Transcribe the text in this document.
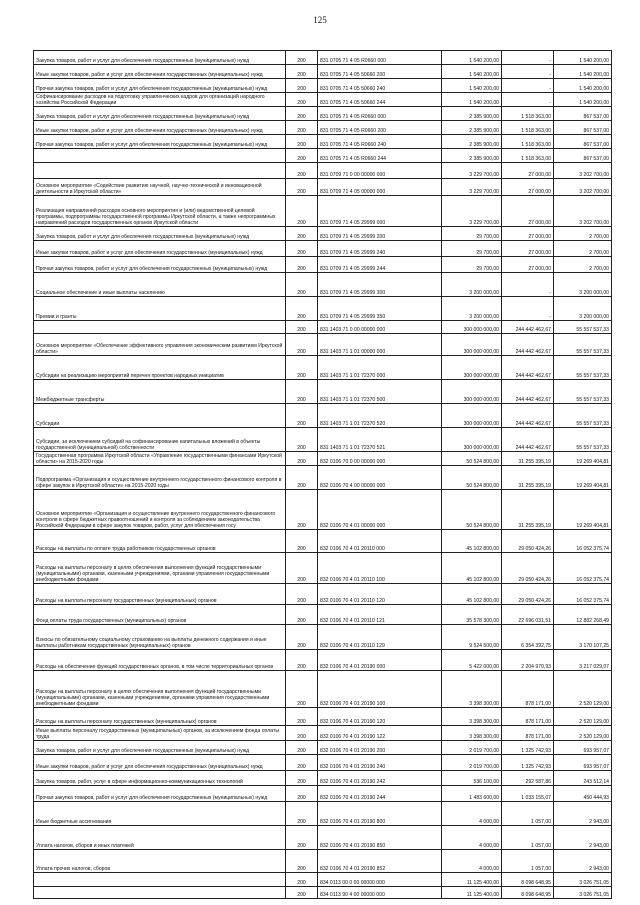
125
Закупка товаров, работ и услуг для обеспечения государственных (муниципальных) нужд	200	831 0705 71 4 05 R0660 000	1 540 200,00	-	1 540 200,00
Иные закупки товаров, работ и услуг для обеспечения государственных (муниципальных) нужд	200	831 0705 71 4 05 50660 200	1 540 200,00	-	1 540 200,00
Прочая закупка товаров, работ и услуг для обеспечения государственных (муниципальных) нужд	200	831 0705 71 4 05 50660 240	1 540 200,00	-	1 540 200,00
Софинансирование расходов на подготовку управленческих кадров для организаций народного хозяйства Российской Федерации	200	831 0705 71 4 05 50660 244	1 540 200,00	-	1 540 200,00
Закупка товаров, работ и услуг для обеспечения государственных (муниципальных) нужд	200	831 0705 71 4 05 R0660 000	2 385 900,00	1 518 363,00	867 537,00
Иные закупки товаров, работ и услуг для обеспечения государственных (муниципальных) нужд	200	831 0705 71 4 05 R0660 200	2 385 900,00	1 518 363,00	867 537,00
Прочая закупка товаров, работ и услуг для обеспечения государственных (муниципальных) нужд	200	831 0705 71 4 05 R0660 240	2 385 900,00	1 518 363,00	867 537,00
	200	831 0705 71 4 05 R0660 244	2 385 900,00	1 518 363,00	867 537,00
	200	831 0709 71 0 00 00000 000	3 229 700,00	27 000,00	3 202 700,00
Основное мероприятие «Содействие развитию научной, научно-технической и инновационной деятельности в Иркутской области»	200	831 0709 71 4 05 00000 000	3 229 700,00	27 000,00	3 202 700,00
Реализация направлений расходов основного мероприятия и (или) ведомственной целевой программы, подпрограммы государственной программы Иркутской области, а также непрограммных направлений расходов государственных органов Иркутской области	200	831 0709 71 4 05 29999 000	3 229 700,00	27 000,00	3 202 700,00
Закупка товаров, работ и услуг для обеспечения государственных (муниципальных) нужд	200	831 0709 71 4 05 29999 200	29 700,00	27 000,00	2 700,00
Иные закупки товаров, работ и услуг для обеспечения государственных (муниципальных) нужд	200	831 0709 71 4 05 29999 240	29 700,00	27 000,00	2 700,00
Прочая закупка товаров, работ и услуг для обеспечения государственных (муниципальных) нужд	200	831 0709 71 4 05 29999 244	29 700,00	27 000,00	2 700,00
Социальное обеспечение и иные выплаты населению	200	831 0709 71 4 05 29999 300	3 200 000,00	-	3 200 000,00
Премии и гранты	200	831 0709 71 4 05 29999 350	3 200 000,00	-	3 200 000,00
	200	831 1403 71 0 00 00000 000	300 000 000,00	244 442 462,67	55 557 537,33
Основное мероприятие «Обеспечение эффективного управления экономическим развитием Иркутской области»	200	831 1403 71 1 01 00000 000	300 000 000,00	244 442 462,67	55 557 537,33
Субсидии на реализацию мероприятий перечня проектов народных инициатив	200	831 1403 71 1 01 72370 000	300 000 000,00	244 442 462,67	55 557 537,33
Межбюджетные трансферты	200	831 1403 71 1 01 72370 500	300 000 000,00	244 442 462,67	55 557 537,33
Субсидии	200	831 1403 71 1 01 72370 520	300 000 000,00	244 442 462,67	55 557 537,33
Субсидии, за исключением субсидий на софинансирование капитальных вложений в объекты государственной (муниципальной) собственности	200	831 1403 71 1 01 72370 521	300 000 000,00	244 442 462,67	55 557 537,33
Государственная программа Иркутской области «Управление государственными финансами Иркутской области» на 2015-2020 годы	200	832 0106 70 0 00 00000 000	50 524 800,00	31 255 395,19	19 269 404,81
Подпрограмма «Организация и осуществление внутреннего государственного финансового контроля в сфере закупок в Иркутской области» на 2015-2020 годы	200	832 0106 70 4 00 00000 000	50 524 800,00	31 255 395,19	19 269 404,81
Основное мероприятие «Организация и осуществление внутреннего государственного финансового контроля в сфере бюджетных правоотношений и контроля за соблюдением законодательства Российской Федерации в сфере закупок товаров, работ, услуг для обеспечения госу	200	832 0106 70 4 01 00000 000	50 524 800,00	31 255 395,19	19 269 404,81
Расходы на выплаты по оплате труда работников государственных органов	200	832 0106 70 4 01 20110 000	45 102 800,00	29 050 424,26	16 052 375,74
Расходы на выплаты персоналу в целях обеспечения выполнения функций государственными (муниципальными) органами, казенными учреждениями, органами управления государственными внебюджетными фондами	200	832 0106 70 4 01 20110 100	45 102 800,00	29 050 424,26	16 052 375,74
Расходы на выплаты персоналу государственных (муниципальных) органов	200	832 0106 70 4 01 20110 120	45 102 800,00	29 050 424,26	16 052 375,74
Фонд оплаты труда государственных (муниципальных) органов	200	832 0106 70 4 01 20110 121	35 578 300,00	22 696 031,51	12 882 268,49
Взносы по обязательному социальному страхованию на выплаты денежного содержания и иные выплаты работникам государственных (муниципальных) органов	200	832 0106 70 4 01 20110 129	9 524 500,00	6 354 392,75	3 170 107,25
Расходы на обеспечение функций государственных органов, в том числе территориальных органов	200	832 0106 70 4 01 20190 000	5 422 000,00	2 204 970,93	3 217 029,07
Расходы на выплаты персоналу в целях обеспечения выполнения функций государственными (муниципальными) органами, казенными учреждениями, органами управления государственными внебюджетными фондами	200	832 0106 70 4 01 20190 100	3 398 300,00	878 171,00	2 520 129,00
Расходы на выплаты персоналу государственных (муниципальных) органов	200	832 0106 70 4 01 20190 120	3 398 300,00	878 171,00	2 520 129,00
Иные выплаты персоналу государственных (муниципальных) органов, за исключением фонда оплаты труда	200	832 0106 70 4 01 20190 122	3 398 300,00	878 171,00	2 520 129,00
Закупка товаров, работ и услуг для обеспечения государственных (муниципальных) нужд	200	832 0106 70 4 01 20190 200	2 019 700,00	1 325 742,93	693 957,07
Иные закупки товаров, работ и услуг для обеспечения государственных (муниципальных) нужд	200	832 0106 70 4 01 20190 240	2 019 700,00	1 325 742,93	693 957,07
Закупка товаров, работ, услуг в сфере информационно-коммуникационных технологий	200	832 0106 70 4 01 20190 242	536 100,00	292 587,86	243 512,14
Прочая закупка товаров, работ и услуг для обеспечения государственных (муниципальных) нужд	200	832 0106 70 4 01 20190 244	1 483 600,00	1 033 155,07	450 444,93
Иные бюджетные ассигнования	200	832 0106 70 4 01 20190 800	4 000,00	1 057,00	2 943,00
Уплата налогов, сборов и иных платежей	200	832 0106 70 4 01 20190 850	4 000,00	1 057,00	2 943,00
Уплата прочих налогов, сборов	200	832 0106 70 4 01 20190 852	4 000,00	1 057,00	2 943,00
	200	834 0113 00 0 00 00000 000	11 125 400,00	8 098 648,95	3 026 751,05
	200	834 0113 90 4 00 00000 000	11 125 400,00	8 098 648,95	3 026 751,05
